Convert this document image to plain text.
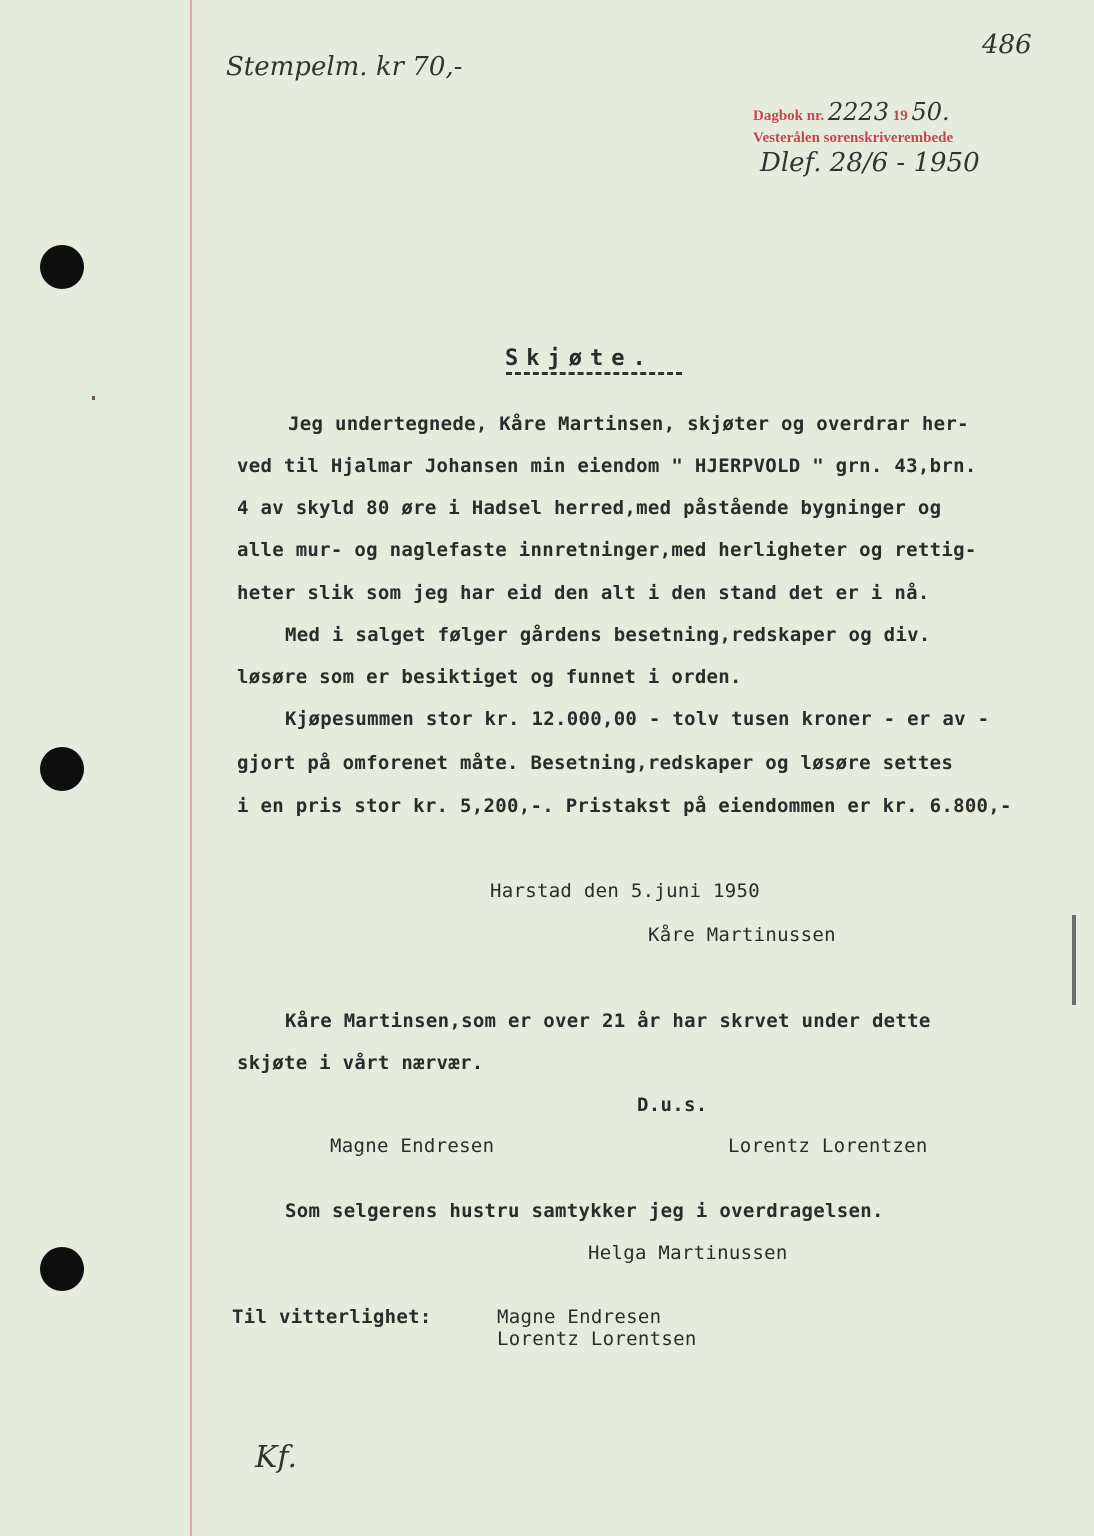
Stempelm. kr 70,-
486
Dagbok nr. 2223 19 50.
Vesterålen sorenskriverembede
Dlef. 28/6 - 1950
Skjøte.
Jeg undertegnede, Kåre Martinsen, skjøter og overdrar her-
ved til Hjalmar Johansen min eiendom " HJERPVOLD " grn. 43,brn.
4 av skyld 80 øre i Hadsel herred,med påstående bygninger og
alle mur- og naglefaste innretninger,med herligheter og rettig-
heter slik som jeg har eid den alt i den stand det er i nå.
Med i salget følger gårdens besetning,redskaper og div.
løsøre som er besiktiget og funnet i orden.
Kjøpesummen stor kr. 12.000,00 - tolv tusen kroner - er av -
gjort på omforenet måte. Besetning,redskaper og løsøre settes
i en pris stor kr. 5,200,-. Pristakst på eiendommen er kr. 6.800,-
Harstad den 5.juni 1950
Kåre Martinussen
Kåre Martinsen,som er over 21 år har skrvet under dette
skjøte i vårt nærvær.
D.u.s.
Magne Endresen	Lorentz Lorentzen
Som selgerens hustru samtykker jeg i overdragelsen.
Helga Martinussen
Til vitterlighet:	Magne Endresen
Lorentz Lorentsen
Kf.
